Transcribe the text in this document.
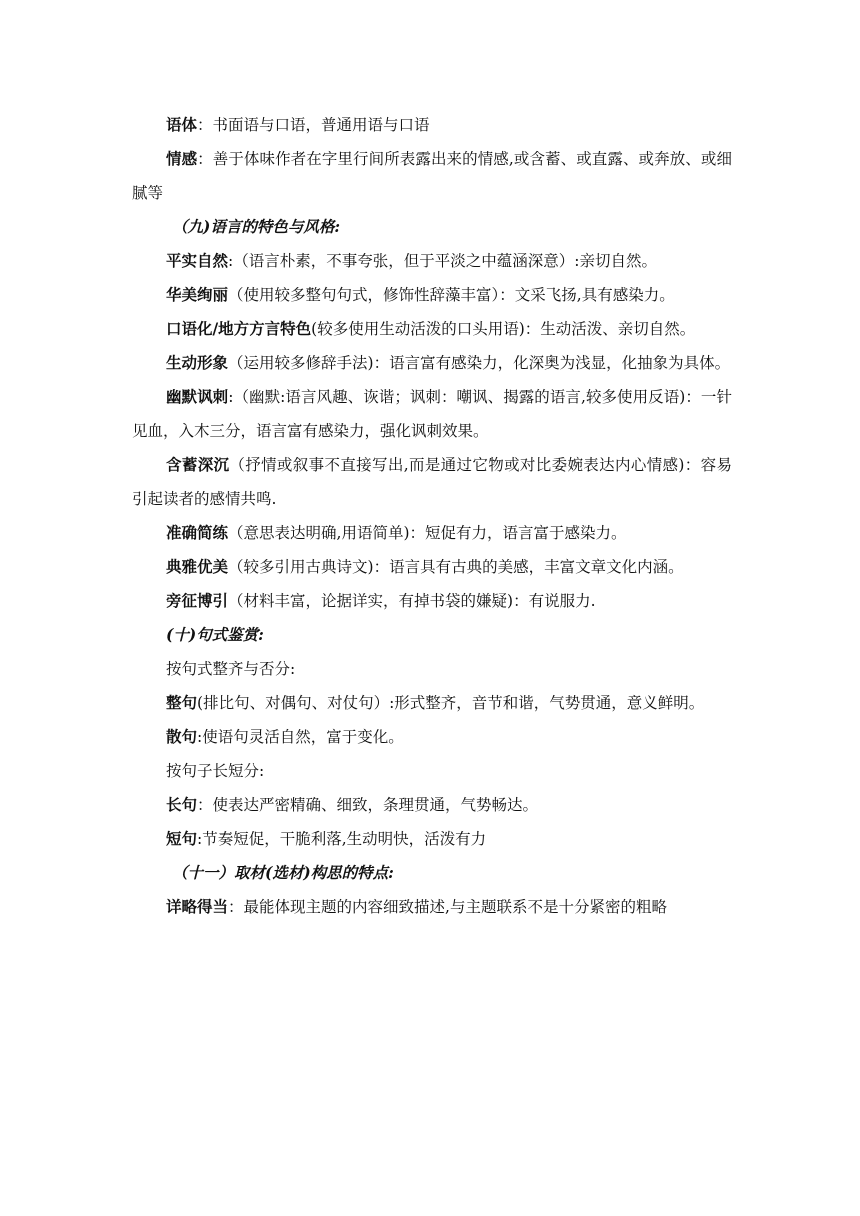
语体：书面语与口语，普通用语与口语

情感：善于体味作者在字里行间所表露出来的情感,或含蓄、或直露、或奔放、或细腻等

（九)语言的特色与风格:

平实自然:（语言朴素，不事夸张，但于平淡之中蕴涵深意）:亲切自然。

华美绚丽（使用较多整句句式，修饰性辞藻丰富）：文采飞扬,具有感染力。

口语化/地方方言特色(较多使用生动活泼的口头用语)：生动活泼、亲切自然。

生动形象（运用较多修辞手法)：语言富有感染力，化深奥为浅显，化抽象为具体。

幽默讽刺:（幽默:语言风趣、诙谐；讽刺：嘲讽、揭露的语言,较多使用反语)：一针见血，入木三分，语言富有感染力，强化讽刺效果。

含蓄深沉（抒情或叙事不直接写出,而是通过它物或对比委婉表达内心情感)：容易引起读者的感情共鸣.

准确简练（意思表达明确,用语简单)：短促有力，语言富于感染力。

典雅优美（较多引用古典诗文)：语言具有古典的美感，丰富文章文化内涵。

旁征博引（材料丰富，论据详实，有掉书袋的嫌疑)：有说服力.

(十)句式鉴赏:

按句式整齐与否分:

整句(排比句、对偶句、对仗句）:形式整齐，音节和谐，气势贯通，意义鲜明。

散句:使语句灵活自然，富于变化。

按句子长短分:

长句：使表达严密精确、细致，条理贯通，气势畅达。

短句:节奏短促，干脆利落,生动明快，活泼有力

（十一）取材(选材)构思的特点:

详略得当：最能体现主题的内容细致描述,与主题联系不是十分紧密的粗略
